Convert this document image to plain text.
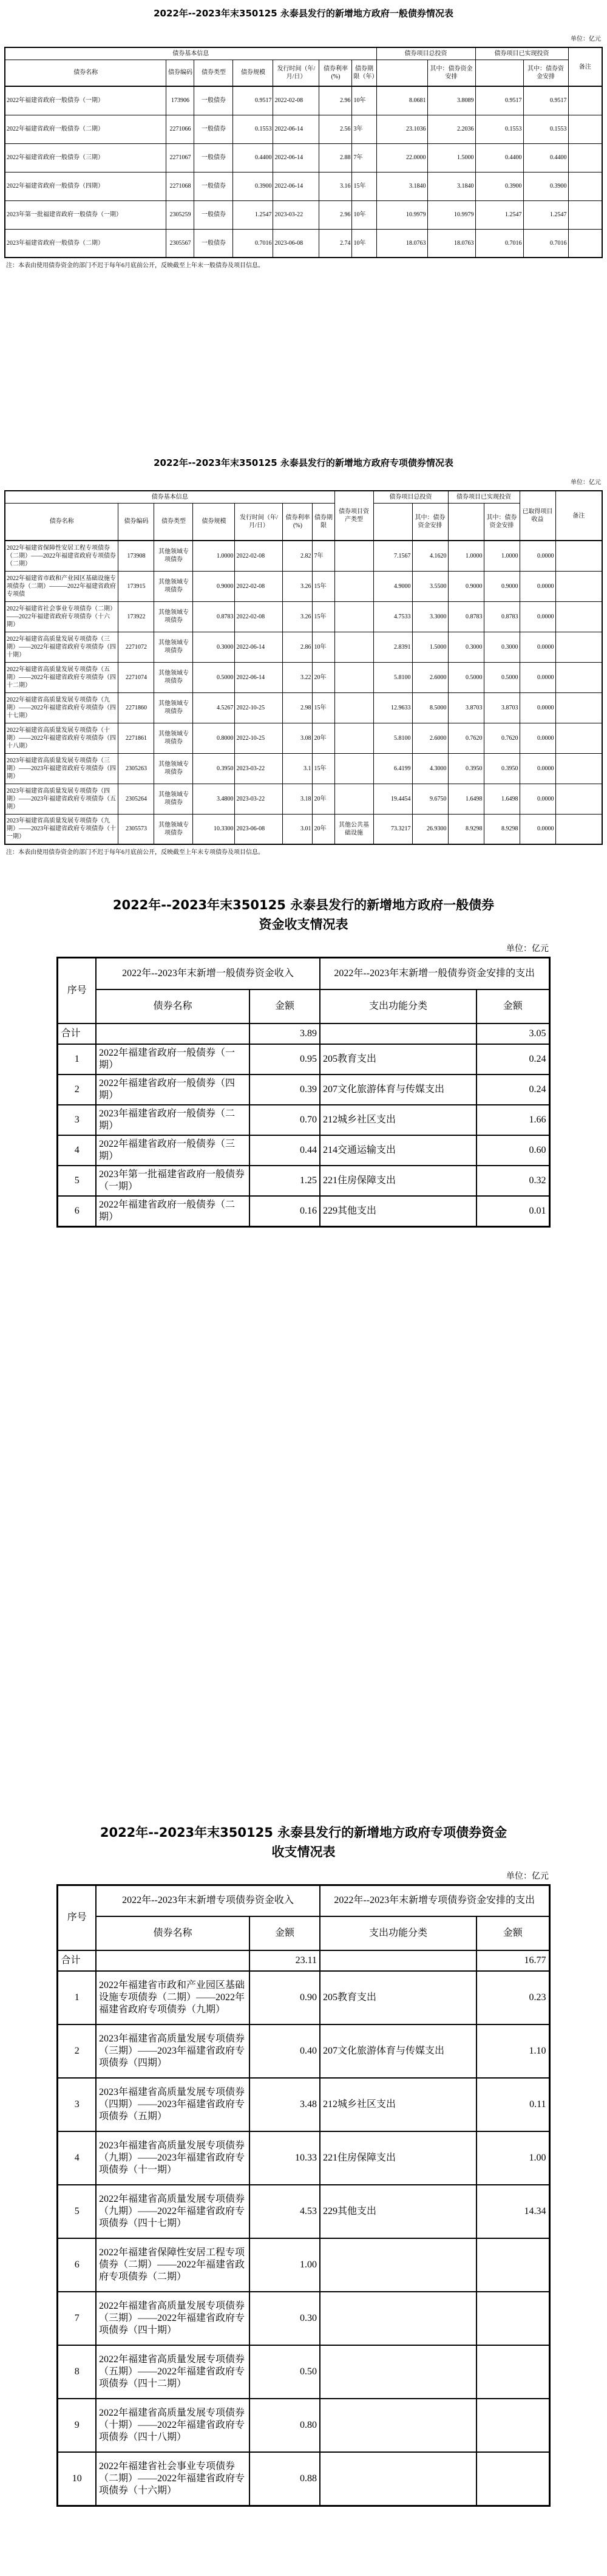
2022年--2023年末350125 永泰县发行的新增地方政府一般债券情况表
单位：亿元
债券基本信息							债券项目总投资		债券项目已实现投资		备注
债券名称	债券编码	债券类型	债券规模	发行时间（年/月/日）	债券利率(%)	债券期限（年）		其中：债券资金安排		其中：债券资金安排	
2022年福建省政府一般债券（一期）	173906	一般债券	0.9517	2022-02-08	2.96	10年	8.0681	3.8089	0.9517	0.9517	
2022年福建省政府一般债券（二期）	2271066	一般债券	0.1553	2022-06-14	2.56	3年	23.1036	2.2036	0.1553	0.1553	
2022年福建省政府一般债券（三期）	2271067	一般债券	0.4400	2022-06-14	2.88	7年	22.0000	1.5000	0.4400	0.4400	
2022年福建省政府一般债券（四期）	2271068	一般债券	0.3900	2022-06-14	3.16	15年	3.1840	3.1840	0.3900	0.3900	
2023年第一批福建省政府一般债券（一期）	2305259	一般债券	1.2547	2023-03-22	2.96	10年	10.9979	10.9979	1.2547	1.2547	
2023年福建省政府一般债券（二期）	2305567	一般债券	0.7016	2023-06-08	2.74	10年	18.0763	18.0763	0.7016	0.7016	
注：本表由使用债券资金的部门不迟于每年6月底前公开，反映截至上年末一般债券及项目信息。
2022年--2023年末350125 永泰县发行的新增地方政府专项债券情况表
单位：亿元
债券基本信息							债券项目资产类型	债券项目总投资		债券项目已实现投资		已取得项目收益	备注
债券名称	债券编码	债券类型	债券规模	发行时间（年/月/日）	债券利率(%)	债券期限			其中：债券资金安排		其中：债券资金安排		
2022年福建省保障性安居工程专项债券（二期）——2022年福建省政府专项债券（二期）	173908	其他领域专项债券	1.0000	2022-02-08	2.82	7年		7.1567	4.1620	1.0000	1.0000	0.0000	
2022年福建省市政和产业园区基础设施专项债券（二期）———2022年福建省政府专项债	173915	其他领域专项债券	0.9000	2022-02-08	3.26	15年		4.9000	3.5500	0.9000	0.9000	0.0000	
2022年福建省社会事业专项债券（二期）——2022年福建省政府专项债券（十六期）	173922	其他领域专项债券	0.8783	2022-02-08	3.26	15年		4.7533	3.3000	0.8783	0.8783	0.0000	
2022年福建省高质量发展专项债券（三期）——2022年福建省政府专项债券（四十期）	2271072	其他领域专项债券	0.3000	2022-06-14	2.86	10年		2.8391	1.5000	0.3000	0.3000	0.0000	
2022年福建省高质量发展专项债券（五期）——2022年福建省政府专项债券（四十二期）	2271074	其他领域专项债券	0.5000	2022-06-14	3.22	20年		5.8100	2.6000	0.5000	0.5000	0.0000	
2022年福建省高质量发展专项债券（九期）——2022年福建省政府专项债券（四十七期）	2271860	其他领域专项债券	4.5267	2022-10-25	2.98	15年		12.9633	8.5000	3.8703	3.8703	0.0000	
2022年福建省高质量发展专项债券（十期）——2022年福建省政府专项债券（四十八期）	2271861	其他领域专项债券	0.8000	2022-10-25	3.08	20年		5.8100	2.6000	0.7620	0.7620	0.0000	
2023年福建省高质量发展专项债券（三期）——2023年福建省政府专项债券（四期）	2305263	其他领域专项债券	0.3950	2023-03-22	3.1	15年		6.4199	4.3000	0.3950	0.3950	0.0000	
2023年福建省高质量发展专项债券（四期）——2023年福建省政府专项债券（五期）	2305264	其他领域专项债券	3.4800	2023-03-22	3.18	20年		19.4454	9.6750	1.6498	1.6498	0.0000	
2023年福建省高质量发展专项债券（九期）——2023年福建省政府专项债券（十一期）	2305573	其他领域专项债券	10.3300	2023-06-08	3.01	20年	其他公共基础设施	73.3217	26.9300	8.9298	8.9298	0.0000	
注：本表由使用债券资金的部门不迟于每年6月底前公开，反映截至上年末专项债券及项目信息。
2022年--2023年末350125 永泰县发行的新增地方政府一般债券
资金收支情况表
单位：亿元
序号	2022年--2023年末新增一般债券资金收入		2022年--2023年末新增一般债券资金安排的支出	
	债券名称	金额	支出功能分类	金额
合计		3.89		3.05
1	2022年福建省政府一般债券（一期）	0.95	205教育支出	0.24
2	2022年福建省政府一般债券（四期）	0.39	207文化旅游体育与传媒支出	0.24
3	2023年福建省政府一般债券（二期）	0.70	212城乡社区支出	1.66
4	2022年福建省政府一般债券（三期）	0.44	214交通运输支出	0.60
5	2023年第一批福建省政府一般债券（一期）	1.25	221住房保障支出	0.32
6	2022年福建省政府一般债券（二期）	0.16	229其他支出	0.01
2022年--2023年末350125 永泰县发行的新增地方政府专项债券资金
收支情况表
单位：亿元
序号	2022年--2023年末新增专项债券资金收入		2022年--2023年末新增专项债券资金安排的支出	
	债券名称	金额	支出功能分类	金额
合计		23.11		16.77
1	2022年福建省市政和产业园区基础设施专项债券（二期）——2022年福建省政府专项债券（九期）	0.90	205教育支出	0.23
2	2023年福建省高质量发展专项债券（三期）——2023年福建省政府专项债券（四期）	0.40	207文化旅游体育与传媒支出	1.10
3	2023年福建省高质量发展专项债券（四期）——2023年福建省政府专项债券（五期）	3.48	212城乡社区支出	0.11
4	2023年福建省高质量发展专项债券（九期）——2023年福建省政府专项债券（十一期）	10.33	221住房保障支出	1.00
5	2022年福建省高质量发展专项债券（九期）——2022年福建省政府专项债券（四十七期）	4.53	229其他支出	14.34
6	2022年福建省保障性安居工程专项债券（二期）——2022年福建省政府专项债券（二期）	1.00		
7	2022年福建省高质量发展专项债券（三期）——2022年福建省政府专项债券（四十期）	0.30		
8	2022年福建省高质量发展专项债券（五期）——2022年福建省政府专项债券（四十二期）	0.50		
9	2022年福建省高质量发展专项债券（十期）——2022年福建省政府专项债券（四十八期）	0.80		
10	2022年福建省社会事业专项债券（二期）——2022年福建省政府专项债券（十六期）	0.88		
